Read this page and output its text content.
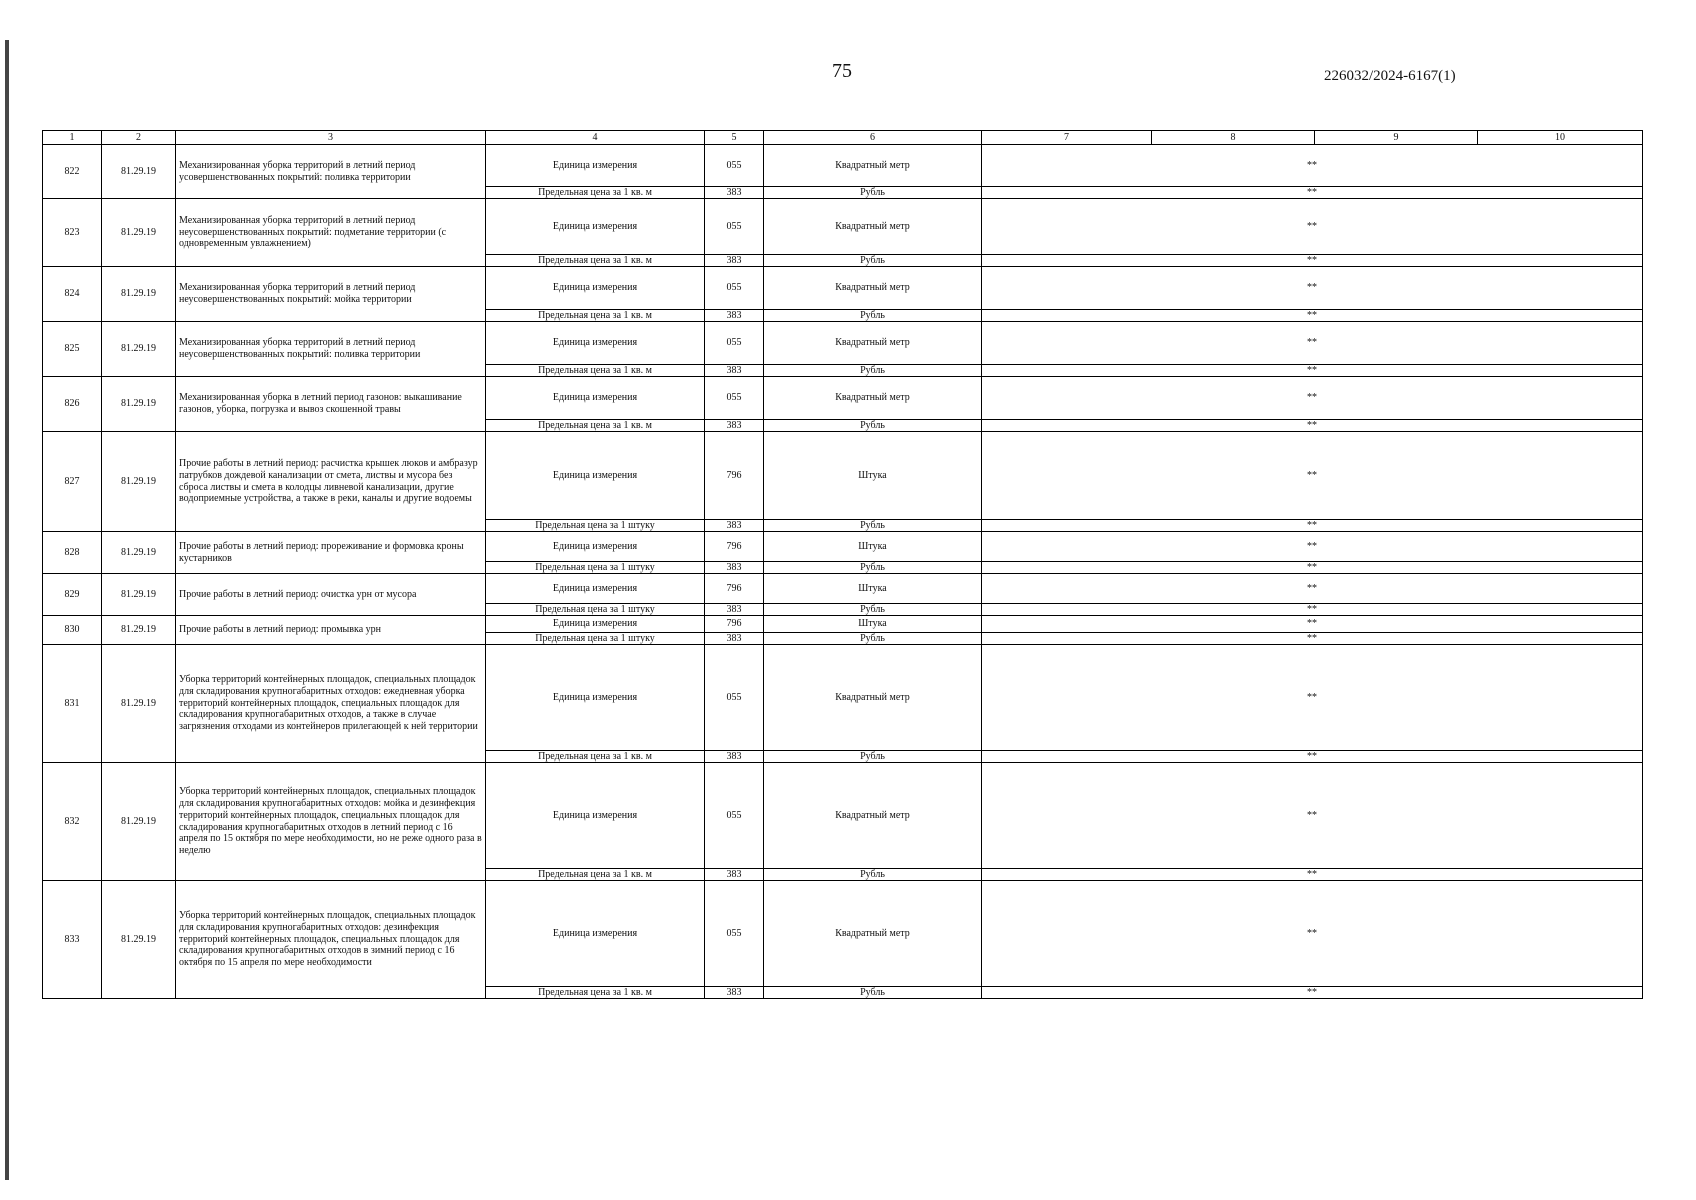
75	226032/2024-6167(1)
1	2	3	4	5	6	7	8	9	10
822	81.29.19	Механизированная уборка территорий в летний период усовершенствованных покрытий: поливка территории	Единица измерения	055	Квадратный метр	**			
			Предельная цена за 1 кв. м	383	Рубль	**			
823	81.29.19	Механизированная уборка территорий в летний период неусовершенствованных покрытий: подметание территории (с одновременным увлажнением)	Единица измерения	055	Квадратный метр	**			
			Предельная цена за 1 кв. м	383	Рубль	**			
824	81.29.19	Механизированная уборка территорий в летний период неусовершенствованных покрытий: мойка территории	Единица измерения	055	Квадратный метр	**			
			Предельная цена за 1 кв. м	383	Рубль	**			
825	81.29.19	Механизированная уборка территорий в летний период неусовершенствованных покрытий: поливка территории	Единица измерения	055	Квадратный метр	**			
			Предельная цена за 1 кв. м	383	Рубль	**			
826	81.29.19	Механизированная уборка в летний период газонов: выкашивание газонов, уборка, погрузка и вывоз скошенной травы	Единица измерения	055	Квадратный метр	**			
			Предельная цена за 1 кв. м	383	Рубль	**			
827	81.29.19	Прочие работы в летний период: расчистка крышек люков и амбразур патрубков дождевой канализации от смета, листвы и мусора без сброса листвы и смета в колодцы ливневой канализации, другие водоприемные устройства, а также в реки, каналы и другие водоемы	Единица измерения	796	Штука	**			
			Предельная цена за 1 штуку	383	Рубль	**			
828	81.29.19	Прочие работы в летний период: прореживание и формовка кроны кустарников	Единица измерения	796	Штука	**			
			Предельная цена за 1 штуку	383	Рубль	**			
829	81.29.19	Прочие работы в летний период: очистка урн от мусора	Единица измерения	796	Штука	**			
			Предельная цена за 1 штуку	383	Рубль	**			
830	81.29.19	Прочие работы в летний период: промывка урн	Единица измерения	796	Штука	**			
			Предельная цена за 1 штуку	383	Рубль	**			
831	81.29.19	Уборка территорий контейнерных площадок, специальных площадок для складирования крупногабаритных отходов: ежедневная уборка территорий контейнерных площадок, специальных площадок для складирования крупногабаритных отходов, а также в случае загрязнения отходами из контейнеров прилегающей к ней территории	Единица измерения	055	Квадратный метр	**			
			Предельная цена за 1 кв. м	383	Рубль	**			
832	81.29.19	Уборка территорий контейнерных площадок, специальных площадок для складирования крупногабаритных отходов: мойка и дезинфекция территорий контейнерных площадок, специальных площадок для складирования крупногабаритных отходов в летний период с 16 апреля по 15 октября по мере необходимости, но не реже одного раза в неделю	Единица измерения	055	Квадратный метр	**			
			Предельная цена за 1 кв. м	383	Рубль	**			
833	81.29.19	Уборка территорий контейнерных площадок, специальных площадок для складирования крупногабаритных отходов: дезинфекция территорий контейнерных площадок, специальных площадок для складирования крупногабаритных отходов в зимний период с 16 октября по 15 апреля по мере необходимости	Единица измерения	055	Квадратный метр	**			
			Предельная цена за 1 кв. м	383	Рубль	**			
